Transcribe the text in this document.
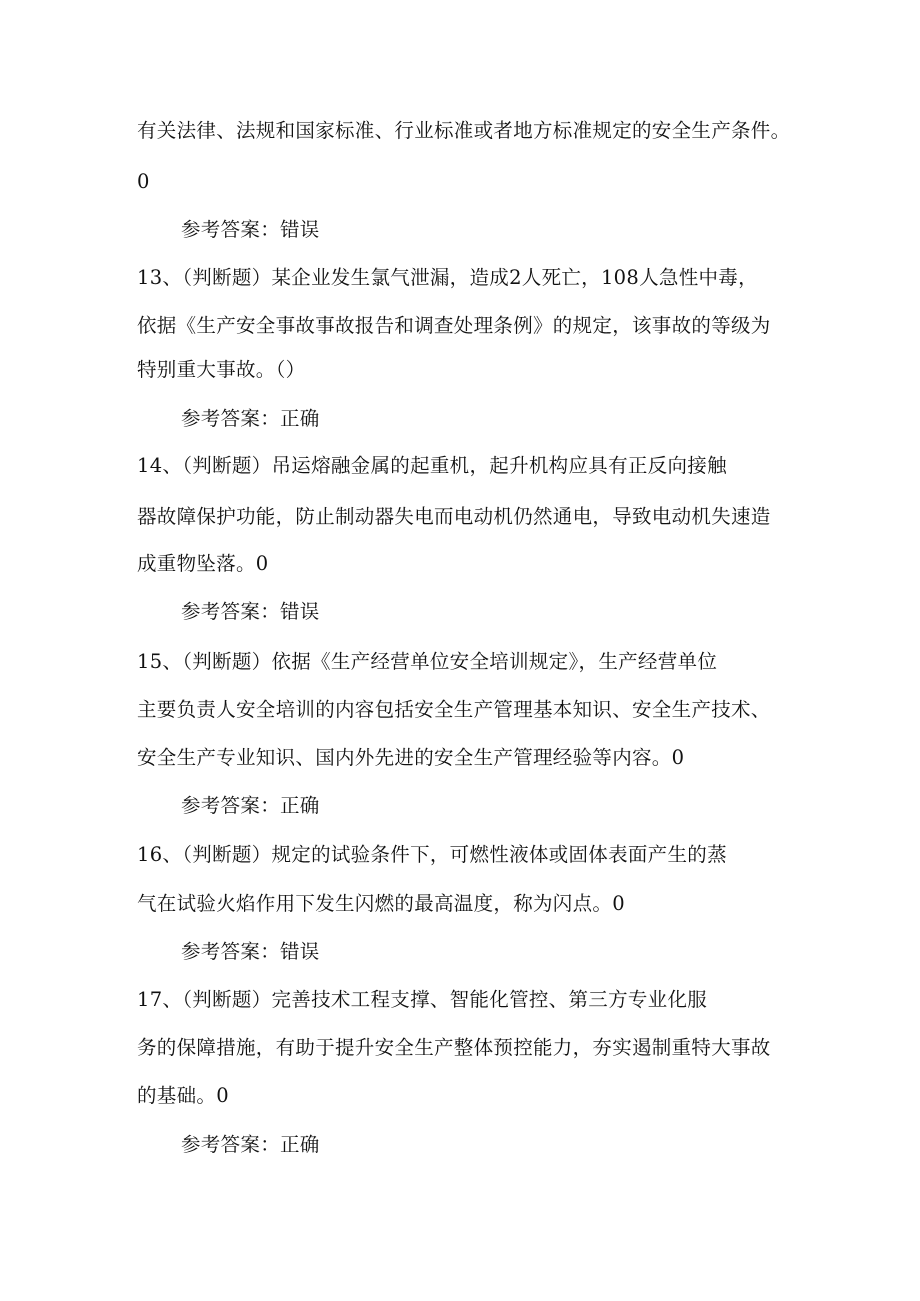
有关法律、法规和国家标准、行业标准或者地方标准规定的安全生产条件。

0

参考答案：错误

13、（判断题）某企业发生氯气泄漏，造成2人死亡，108人急性中毒，

依据《生产安全事故事故报告和调查处理条例》的规定，该事故的等级为

特别重大事故。（）

参考答案：正确

14、（判断题）吊运熔融金属的起重机，起升机构应具有正反向接触

器故障保护功能，防止制动器失电而电动机仍然通电，导致电动机失速造

成重物坠落。0

参考答案：错误

15、（判断题）依据《生产经营单位安全培训规定》，生产经营单位

主要负责人安全培训的内容包括安全生产管理基本知识、安全生产技术、

安全生产专业知识、国内外先进的安全生产管理经验等内容。0

参考答案：正确

16、（判断题）规定的试验条件下，可燃性液体或固体表面产生的蒸

气在试验火焰作用下发生闪燃的最高温度，称为闪点。0

参考答案：错误

17、（判断题）完善技术工程支撑、智能化管控、第三方专业化服

务的保障措施，有助于提升安全生产整体预控能力，夯实遏制重特大事故

的基础。0

参考答案：正确
